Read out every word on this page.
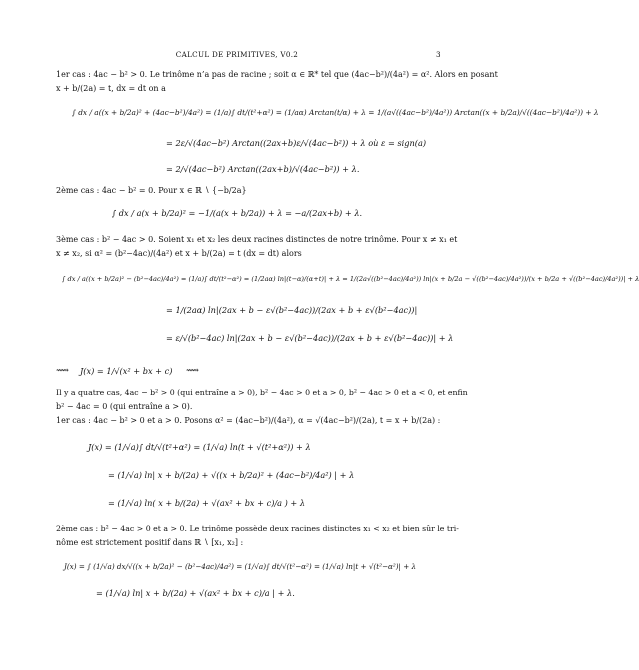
CALCUL DE PRIMITIVES, V0.2	3
1er cas : 4ac − b² > 0. Le trinôme n’a pas de racine ; soit α ∈ ℝ* tel que (4ac−b²)/(4a²) = α². Alors en posant
x + b/(2a) = t, dx = dt on a
∫ dx / a((x + b/2a)² + (4ac−b²)/4a²) = (1/a)∫ dt/(t²+α²) = (1/aα) Arctan(t/α) + λ = 1/(a√((4ac−b²)/4a²)) Arctan((x + b/2a)/√((4ac−b²)/4a²)) + λ
= 2ε/√(4ac−b²) Arctan((2ax+b)ε/√(4ac−b²)) + λ où ε = sign(a)
= 2/√(4ac−b²) Arctan((2ax+b)/√(4ac−b²)) + λ.
2ème cas : 4ac − b² = 0. Pour x ∈ ℝ ∖ {−b/2a}
∫ dx / a(x + b/2a)² = −1/(a(x + b/2a)) + λ = −a/(2ax+b) + λ.
3ème cas : b² − 4ac > 0. Soient x₁ et x₂ les deux racines distinctes de notre trinôme. Pour x ≠ x₁ et
x ≠ x₂, si α² = (b²−4ac)/(4a²) et x + b/(2a) = t (dx = dt) alors
∫ dx / a((x + b/2a)² − (b²−4ac)/4a²) = (1/a)∫ dt/(t²−α²) = (1/2aα) ln|(t−α)/(α+t)| + λ = 1/(2a√((b²−4ac)/4a²)) ln|(x + b/2a − √((b²−4ac)/4a²))/(x + b/2a + √((b²−4ac)/4a²))| + λ
= 1/(2aα) ln|(2ax + b − ε√(b²−4ac))/(2ax + b + ε√(b²−4ac))|
= ε/√(b²−4ac) ln|(2ax + b − ε√(b²−4ac))/(2ax + b + ε√(b²−4ac))| + λ
⟿ J(x) = 1/√(x² + bx + c) ⟿
Il y a quatre cas, 4ac − b² > 0 (qui entraîne a > 0), b² − 4ac > 0 et a > 0, b² − 4ac > 0 et a < 0, et enfin
b² − 4ac = 0 (qui entraîne a > 0).
1er cas : 4ac − b² > 0 et a > 0. Posons α² = (4ac−b²)/(4a²), α = √(4ac−b²)/(2a), t = x + b/(2a) :
J(x) = (1/√a)∫ dt/√(t²+α²) = (1/√a) ln(t + √(t²+α²)) + λ
= (1/√a) ln| x + b/(2a) + √((x + b/2a)² + (4ac−b²)/4a²) | + λ
= (1/√a) ln( x + b/(2a) + √(ax² + bx + c)/a ) + λ
2ème cas : b² − 4ac > 0 et a > 0. Le trinôme possède deux racines distinctes x₁ < x₂ et bien sûr le tri-
nôme est strictement positif dans ℝ ∖ [x₁, x₂] :
J(x) = ∫ (1/√a) dx/√((x + b/2a)² − (b²−4ac)/4a²) = (1/√a)∫ dt/√(t²−α²) = (1/√a) ln|t + √(t²−α²)| + λ
= (1/√a) ln| x + b/(2a) + √(ax² + bx + c)/a | + λ.
